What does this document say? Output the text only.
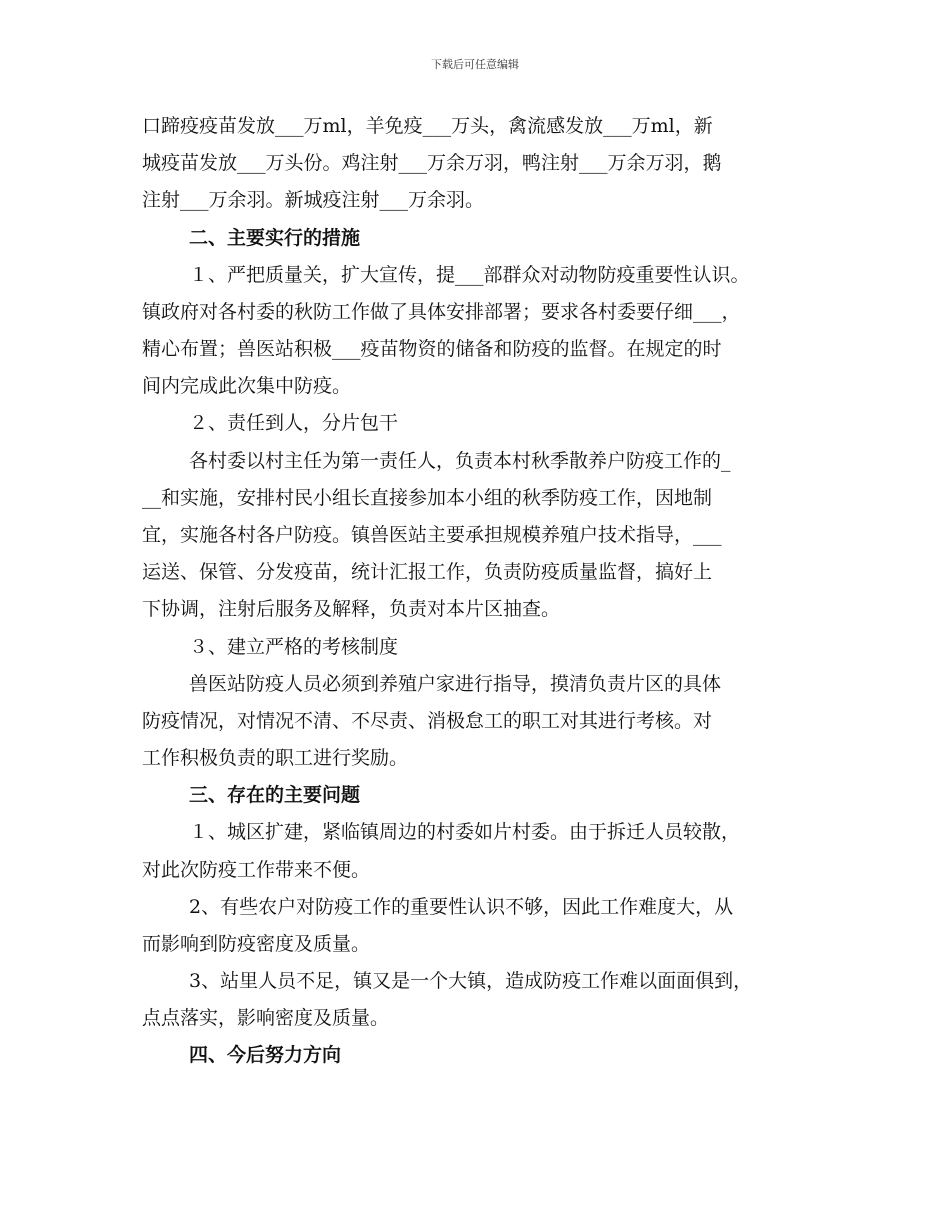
下载后可任意编辑
口蹄疫疫苗发放___万ml，羊免疫___万头，禽流感发放___万ml，新
城疫苗发放___万头份。鸡注射___万余万羽，鸭注射___万余万羽，鹅
注射___万余羽。新城疫注射___万余羽。
二、主要实行的措施
１、严把质量关，扩大宣传，提___部群众对动物防疫重要性认识。
镇政府对各村委的秋防工作做了具体安排部署；要求各村委要仔细___，
精心布置；兽医站积极___疫苗物资的储备和防疫的监督。在规定的时
间内完成此次集中防疫。
２、责任到人，分片包干
各村委以村主任为第一责任人，负责本村秋季散养户防疫工作的_
__和实施，安排村民小组长直接参加本小组的秋季防疫工作，因地制
宜，实施各村各户防疫。镇兽医站主要承担规模养殖户技术指导，___
运送、保管、分发疫苗，统计汇报工作，负责防疫质量监督，搞好上
下协调，注射后服务及解释，负责对本片区抽查。
３、建立严格的考核制度
兽医站防疫人员必须到养殖户家进行指导，摸清负责片区的具体
防疫情况，对情况不清、不尽责、消极怠工的职工对其进行考核。对
工作积极负责的职工进行奖励。
三、存在的主要问题
１、城区扩建，紧临镇周边的村委如片村委。由于拆迁人员较散，
对此次防疫工作带来不便。
2、有些农户对防疫工作的重要性认识不够，因此工作难度大，从
而影响到防疫密度及质量。
3、站里人员不足，镇又是一个大镇，造成防疫工作难以面面俱到，
点点落实，影响密度及质量。
四、今后努力方向
